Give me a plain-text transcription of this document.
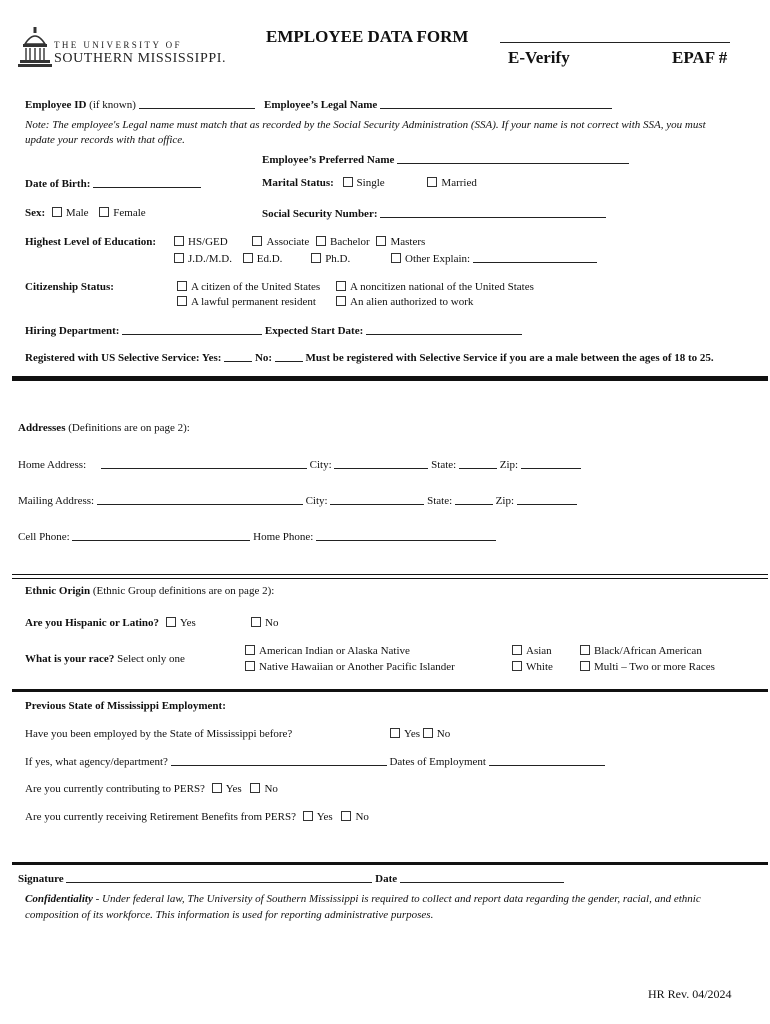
THE UNIVERSITY OF
SOUTHERN MISSISSIPPI.
EMPLOYEE DATA FORM
E-Verify	EPAF #
Employee ID (if known)	Employee’s Legal Name
Note: The employee's Legal name must match that as recorded by the Social Security Administration (SSA). If your name is not correct with SSA, you must
update your records with that office.
Employee’s Preferred Name
Date of Birth:	Marital Status: Single	Married
Sex: Male Female	Social Security Number:
Highest Level of Education:	HS/GED	Associate Bachelor Masters
J.D./M.D. Ed.D.	Ph.D.	Other Explain:
Citizenship Status:	A citizen of the United States	A noncitizen national of the United States
A lawful permanent resident	An alien authorized to work
Hiring Department:	Expected Start Date:
Registered with US Selective Service: Yes:	No:	Must be registered with Selective Service if you are a male between the ages of 18 to 25.
Addresses (Definitions are on page 2):
Home Address:	City:	State:	Zip:
Mailing Address:	City:	State:	Zip:
Cell Phone:	Home Phone:
Ethnic Origin (Ethnic Group definitions are on page 2):
Are you Hispanic or Latino? Yes	No
What is your race? Select only one
American Indian or Alaska Native
Native Hawaiian or Another Pacific Islander
Asian
White
Black/African American
Multi – Two or more Races
Previous State of Mississippi Employment:
Have you been employed by the State of Mississippi before?	Yes No
If yes, what agency/department?	Dates of Employment
Are you currently contributing to PERS? Yes No
Are you currently receiving Retirement Benefits from PERS? Yes No
Signature	Date
Confidentiality - Under federal law, The University of Southern Mississippi is required to collect and report data regarding the gender, racial, and ethnic
composition of its workforce. This information is used for reporting administrative purposes.
HR Rev. 04/2024
